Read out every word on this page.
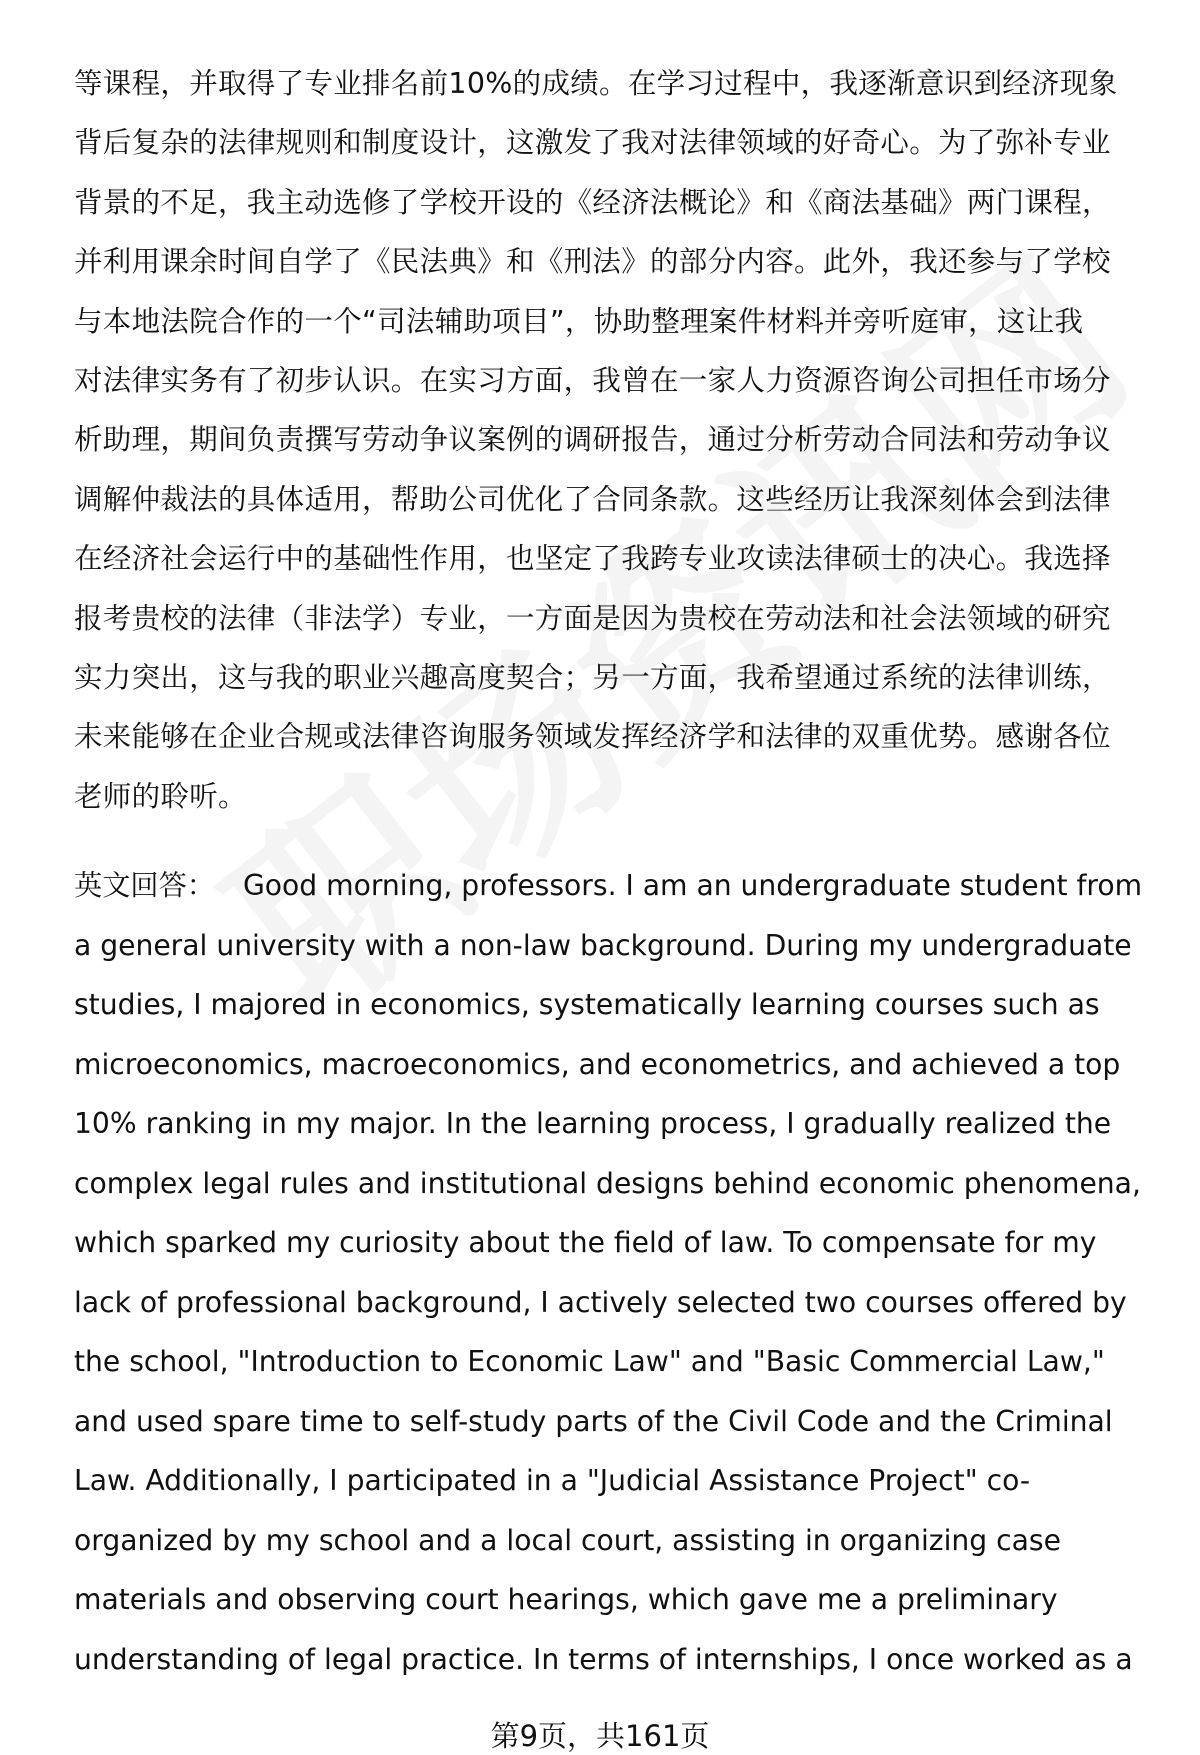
等课程，并取得了专业排名前10%的成绩。在学习过程中，我逐渐意识到经济现象
背后复杂的法律规则和制度设计，这激发了我对法律领域的好奇心。为了弥补专业
背景的不足，我主动选修了学校开设的《经济法概论》和《商法基础》两门课程，
并利用课余时间自学了《民法典》和《刑法》的部分内容。此外，我还参与了学校
与本地法院合作的一个“司法辅助项目”，协助整理案件材料并旁听庭审，这让我
对法律实务有了初步认识。在实习方面，我曾在一家人力资源咨询公司担任市场分
析助理，期间负责撰写劳动争议案例的调研报告，通过分析劳动合同法和劳动争议
调解仲裁法的具体适用，帮助公司优化了合同条款。这些经历让我深刻体会到法律
在经济社会运行中的基础性作用，也坚定了我跨专业攻读法律硕士的决心。我选择
报考贵校的法律（非法学）专业，一方面是因为贵校在劳动法和社会法领域的研究
实力突出，这与我的职业兴趣高度契合；另一方面，我希望通过系统的法律训练，
未来能够在企业合规或法律咨询服务领域发挥经济学和法律的双重优势。感谢各位
老师的聆听。
英文回答： Good morning, professors. I am an undergraduate student from
a general university with a non-law background. During my undergraduate
studies, I majored in economics, systematically learning courses such as
microeconomics, macroeconomics, and econometrics, and achieved a top
10% ranking in my major. In the learning process, I gradually realized the
complex legal rules and institutional designs behind economic phenomena,
which sparked my curiosity about the field of law. To compensate for my
lack of professional background, I actively selected two courses offered by
the school, "Introduction to Economic Law" and "Basic Commercial Law,"
and used spare time to self-study parts of the Civil Code and the Criminal
Law. Additionally, I participated in a "Judicial Assistance Project" co-
organized by my school and a local court, assisting in organizing case
materials and observing court hearings, which gave me a preliminary
understanding of legal practice. In terms of internships, I once worked as a
第9页，共161页
